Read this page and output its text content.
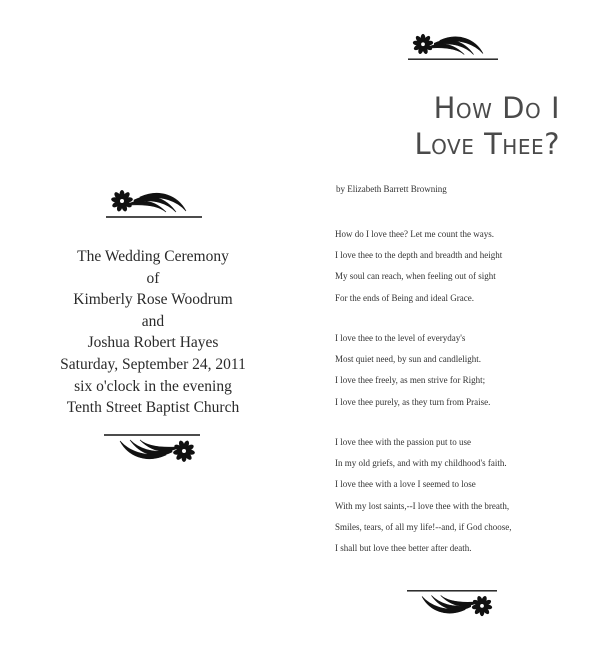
The Wedding Ceremony
of
Kimberly Rose Woodrum
and
Joshua Robert Hayes
Saturday, September 24, 2011
six o'clock in the evening
Tenth Street Baptist Church
How Do I
Love Thee?
by Elizabeth Barrett Browning
How do I love thee? Let me count the ways.
I love thee to the depth and breadth and height
My soul can reach, when feeling out of sight
For the ends of Being and ideal Grace.
I love thee to the level of everyday's
Most quiet need, by sun and candlelight.
I love thee freely, as men strive for Right;
I love thee purely, as they turn from Praise.
I love thee with the passion put to use
In my old griefs, and with my childhood's faith.
I love thee with a love I seemed to lose
With my lost saints,--I love thee with the breath,
Smiles, tears, of all my life!--and, if God choose,
I shall but love thee better after death.
